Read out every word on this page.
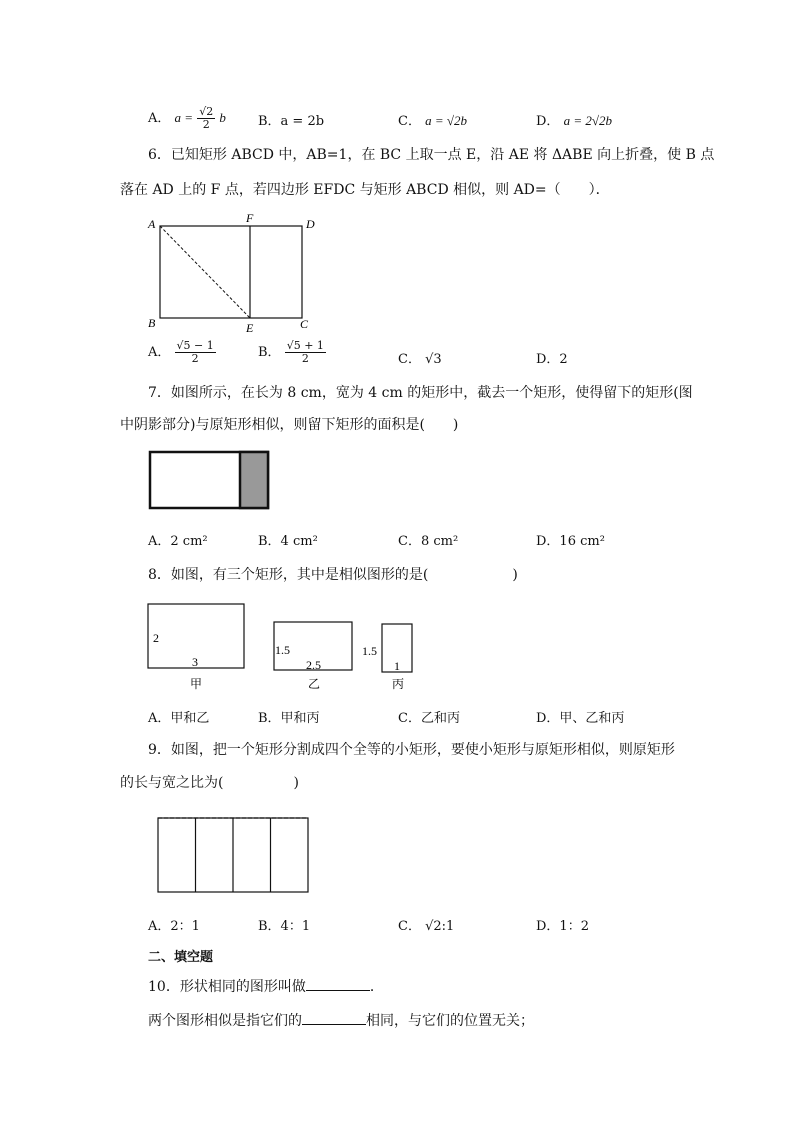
A． $a = \frac{√2}{2}$ b B．a = 2b	C． a = √2b	D． a = 2√2b
6．已知矩形 ABCD 中，AB=1，在 BC 上取一点 E，沿 AE 将 ΔABE 向上折叠，使 B 点
落在 AD 上的 F 点，若四边形 EFDC 与矩形 ABCD 相似，则 AD=（　　）．
A	F	D
B	E	C
A． $\frac{√5 - 1}{2}$	B． $\frac{√5 + 1}{2}$	C． √3	D．2
7．如图所示，在长为 8 cm，宽为 4 cm 的矩形中，截去一个矩形，使得留下的矩形(图
中阴影部分)与原矩形相似，则留下矩形的面积是(　　)
A．2 cm²	B．4 cm²	C．8 cm²	D．16 cm²
8．如图，有三个矩形，其中是相似图形的是(　　　　　　)
2
3
甲
1.5
2.5
乙
1.5
1
丙
A．甲和乙	B．甲和丙	C．乙和丙	D．甲、乙和丙
9．如图，把一个矩形分割成四个全等的小矩形，要使小矩形与原矩形相似，则原矩形
的长与宽之比为(　　　　　)
A．2：1	B．4：1	C． √2:1	D．1：2
二、填空题
10．形状相同的图形叫做	．
两个图形相似是指它们的	相同，与它们的位置无关；
